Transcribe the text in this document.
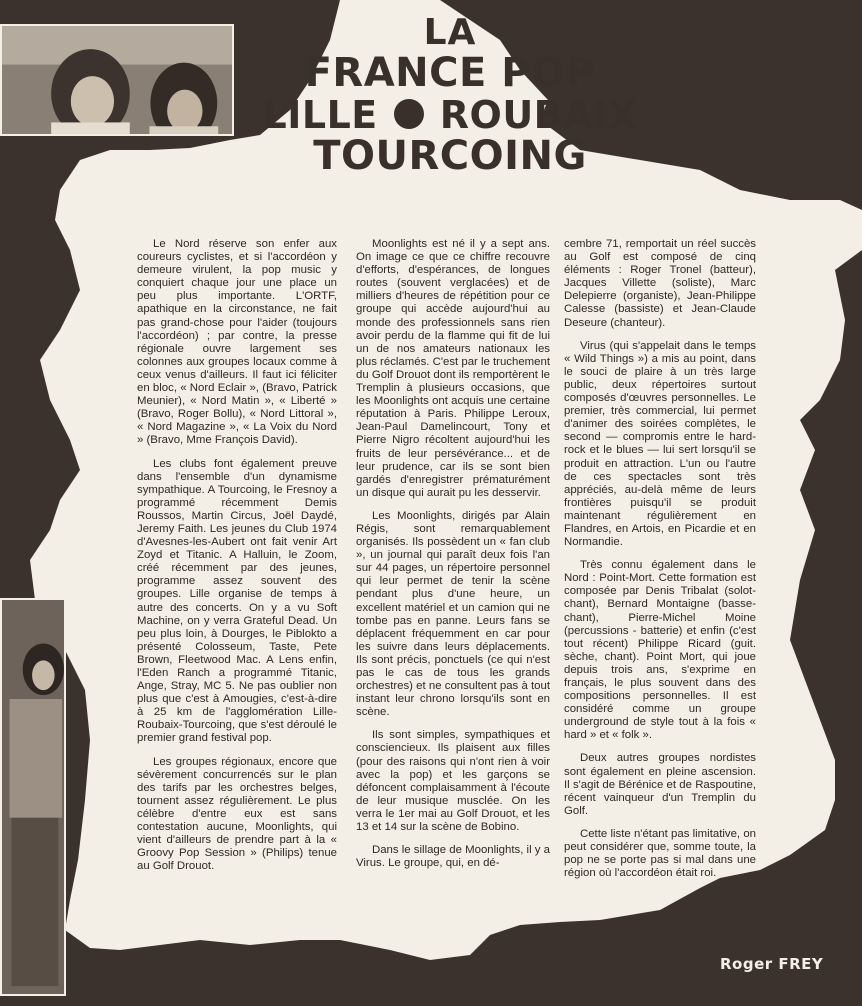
LA
FRANCE POP
LILLE ROUBAIX
TOURCOING

Le Nord réserve son enfer aux coureurs cyclistes, et si l'accordéon y demeure virulent, la pop music y conquiert chaque jour une place un peu plus importante. L'ORTF, apathique en la circonstance, ne fait pas grand-chose pour l'aider (toujours l'accordéon) ; par contre, la presse régionale ouvre largement ses colonnes aux groupes locaux comme à ceux venus d'ailleurs. Il faut ici féliciter en bloc, « Nord Eclair », (Bravo, Patrick Meunier), « Nord Matin », « Liberté » (Bravo, Roger Bollu), « Nord Littoral », « Nord Magazine », « La Voix du Nord » (Bravo, Mme François David).

Les clubs font également preuve dans l'ensemble d'un dynamisme sympathique. A Tourcoing, le Fresnoy a programmé récemment Demis Roussos, Martin Circus, Joël Daydé, Jeremy Faith. Les jeunes du Club 1974 d'Avesnes-les-Aubert ont fait venir Art Zoyd et Titanic. A Halluin, le Zoom, créé récemment par des jeunes, programme assez souvent des groupes. Lille organise de temps à autre des concerts. On y a vu Soft Machine, on y verra Grateful Dead. Un peu plus loin, à Dourges, le Piblokto a présenté Colosseum, Taste, Pete Brown, Fleetwood Mac. A Lens enfin, l'Eden Ranch a programmé Titanic, Ange, Stray, MC 5. Ne pas oublier non plus que c'est à Amougies, c'est-à-dire à 25 km de l'agglomération Lille-Roubaix-Tourcoing, que s'est déroulé le premier grand festival pop.

Les groupes régionaux, encore que sévèrement concurrencés sur le plan des tarifs par les orchestres belges, tournent assez régulièrement. Le plus célèbre d'entre eux est sans contestation aucune, Moonlights, qui vient d'ailleurs de prendre part à la « Groovy Pop Session » (Philips) tenue au Golf Drouot.

Moonlights est né il y a sept ans. On image ce que ce chiffre recouvre d'efforts, d'espérances, de longues routes (souvent verglacées) et de milliers d'heures de répétition pour ce groupe qui accède aujourd'hui au monde des professionnels sans rien avoir perdu de la flamme qui fit de lui un de nos amateurs nationaux les plus réclamés. C'est par le truchement du Golf Drouot dont ils remportèrent le Tremplin à plusieurs occasions, que les Moonlights ont acquis une certaine réputation à Paris. Philippe Leroux, Jean-Paul Damelincourt, Tony et Pierre Nigro récoltent aujourd'hui les fruits de leur persévérance... et de leur prudence, car ils se sont bien gardés d'enregistrer prématurément un disque qui aurait pu les desservir.

Les Moonlights, dirigés par Alain Régis, sont remarquablement organisés. Ils possèdent un « fan club », un journal qui paraît deux fois l'an sur 44 pages, un répertoire personnel qui leur permet de tenir la scène pendant plus d'une heure, un excellent matériel et un camion qui ne tombe pas en panne. Leurs fans se déplacent fréquemment en car pour les suivre dans leurs déplacements. Ils sont précis, ponctuels (ce qui n'est pas le cas de tous les grands orchestres) et ne consultent pas à tout instant leur chrono lorsqu'ils sont en scène.

Ils sont simples, sympathiques et consciencieux. Ils plaisent aux filles (pour des raisons qui n'ont rien à voir avec la pop) et les garçons se défoncent complaisamment à l'écoute de leur musique musclée. On les verra le 1er mai au Golf Drouot, et les 13 et 14 sur la scène de Bobino.

Dans le sillage de Moonlights, il y a Virus. Le groupe, qui, en dé-

cembre 71, remportait un réel succès au Golf est composé de cinq éléments : Roger Tronel (batteur), Jacques Villette (soliste), Marc Delepierre (organiste), Jean-Philippe Calesse (bassiste) et Jean-Claude Deseure (chanteur).

Virus (qui s'appelait dans le temps « Wild Things ») a mis au point, dans le souci de plaire à un très large public, deux répertoires surtout composés d'œuvres personnelles. Le premier, très commercial, lui permet d'animer des soirées complètes, le second — compromis entre le hard-rock et le blues — lui sert lorsqu'il se produit en attraction. L'un ou l'autre de ces spectacles sont très appréciés, au-delà même de leurs frontières puisqu'il se produit maintenant régulièrement en Flandres, en Artois, en Picardie et en Normandie.

Très connu également dans le Nord : Point-Mort. Cette formation est composée par Denis Tribalat (solot-chant), Bernard Montaigne (basse-chant), Pierre-Michel Moine (percussions - batterie) et enfin (c'est tout récent) Philippe Ricard (guit. sèche, chant). Point Mort, qui joue depuis trois ans, s'exprime en français, le plus souvent dans des compositions personnelles. Il est considéré comme un groupe underground de style tout à la fois « hard » et « folk ».

Deux autres groupes nordistes sont également en pleine ascension. Il s'agit de Bérénice et de Raspoutine, récent vainqueur d'un Tremplin du Golf.

Cette liste n'étant pas limitative, on peut considérer que, somme toute, la pop ne se porte pas si mal dans une région où l'accordéon était roi.

Roger FREY
